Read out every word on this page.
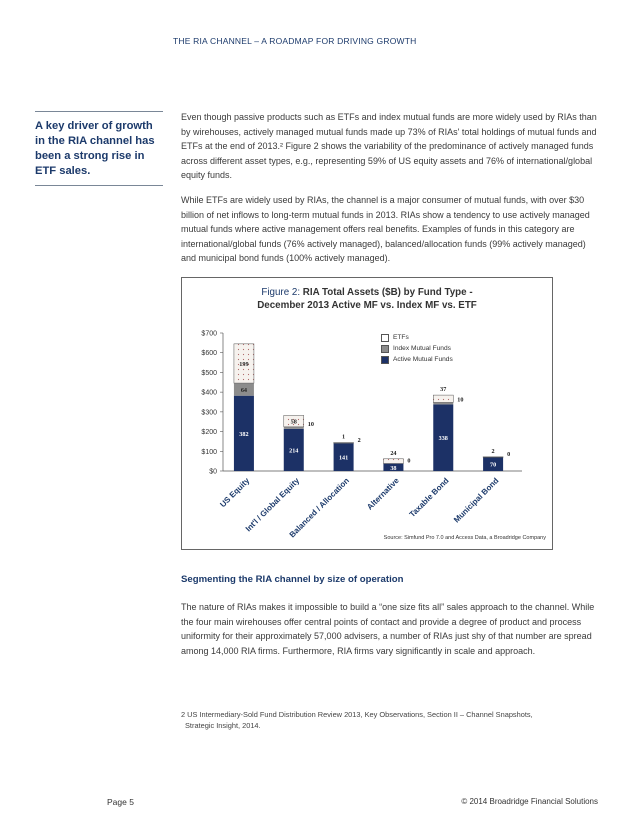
THE RIA CHANNEL – A ROADMAP FOR DRIVING GROWTH
A key driver of growth in the RIA channel has been a strong rise in ETF sales.
Even though passive products such as ETFs and index mutual funds are more widely used by RIAs than by wirehouses, actively managed mutual funds made up 73% of RIAs' total holdings of mutual funds and ETFs at the end of 2013.² Figure 2 shows the variability of the predominance of actively managed funds across different asset types, e.g., representing 59% of US equity assets and 76% of international/global equity funds.
While ETFs are widely used by RIAs, the channel is a major consumer of mutual funds, with over $30 billion of net inflows to long-term mutual funds in 2013. RIAs show a tendency to use actively managed mutual funds where active management offers real benefits. Examples of funds in this category are international/global funds (76% actively managed), balanced/allocation funds (99% actively managed) and municipal bond funds (100% actively managed).
Figure 2: RIA Total Assets ($B) by Fund Type -
December 2013 Active MF vs. Index MF vs. ETF
$0
$100
$200
$300
$400
$500
$600
$700
382
64
199
US Equity
214
10
58
Int'l / Global Equity
141
2
1
Balanced / Allocation
38
0
24
Alternative
338
10
37
Taxable Bond
70
0
2
Municipal Bond
ETFs
Index Mutual Funds
Active Mutual Funds
Source: Simfund Pro 7.0 and Access Data, a Broadridge Company
Segmenting the RIA channel by size of operation
The nature of RIAs makes it impossible to build a “one size fits all” sales approach to the channel. While the four main wirehouses offer central points of contact and provide a degree of product and process uniformity for their approximately 57,000 advisers, a number of RIAs just shy of that number are spread among 14,000 RIA firms. Furthermore, RIA firms vary significantly in scale and approach.
2 US Intermediary-Sold Fund Distribution Review 2013, Key Observations, Section II – Channel Snapshots,
Strategic Insight, 2014.
Page 5	© 2014 Broadridge Financial Solutions
